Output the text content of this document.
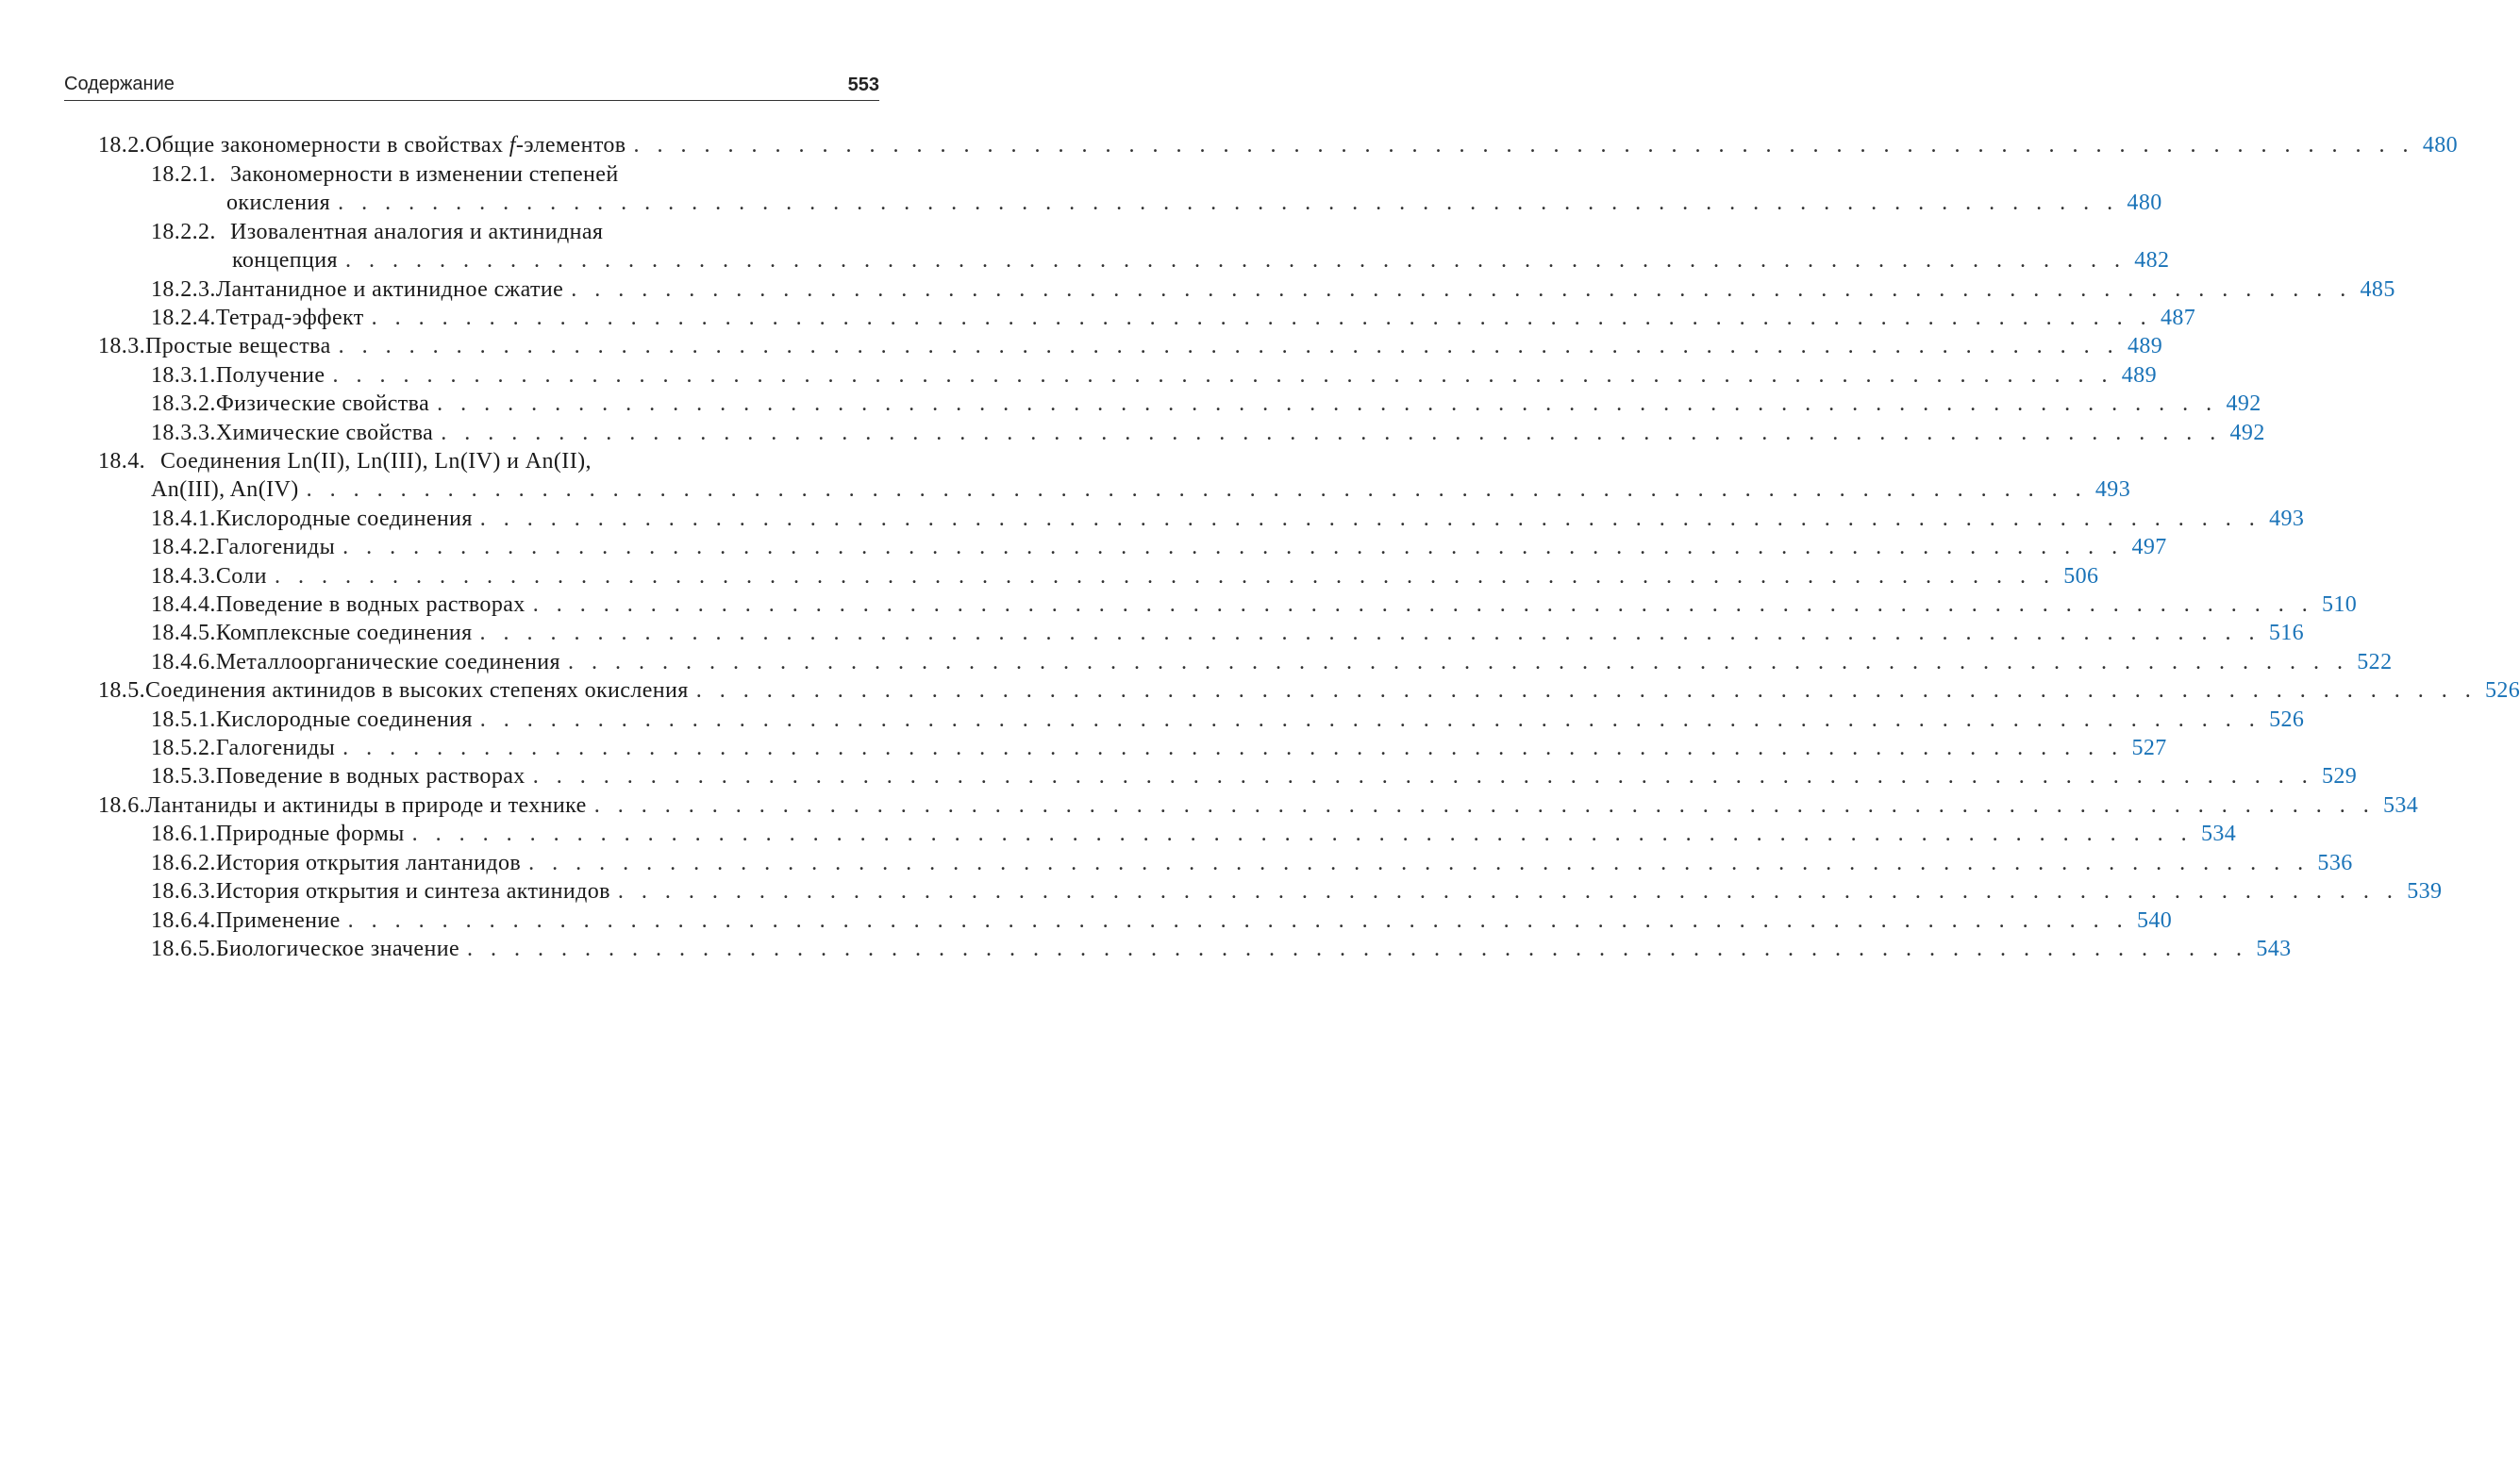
Содержание	553
18.2. Общие закономерности в свойствах f-элементов . . . . . . . . . . . . . . . . . . . . . . . . . . . . . . . . . . . . . . . . . . . . . . . . . . . . . . . . . . . . . . . . . . . . . . . . . . . . 480
18.2.1. Закономерности в изменении степеней
окисления . . . . . . . . . . . . . . . . . . . . . . . . . . . . . . . . . . . . . . . . . . . . . . . . . . . . . . . . . . . . . . . . . . . . . . . . . . . . 480
18.2.2. Изовалентная аналогия и актинидная
концепция . . . . . . . . . . . . . . . . . . . . . . . . . . . . . . . . . . . . . . . . . . . . . . . . . . . . . . . . . . . . . . . . . . . . . . . . . . . . 482
18.2.3. Лантанидное и актинидное сжатие . . . . . . . . . . . . . . . . . . . . . . . . . . . . . . . . . . . . . . . . . . . . . . . . . . . . . . . . . . . . . . . . . . . . . . . . . . . . 485
18.2.4. Тетрад-эффект . . . . . . . . . . . . . . . . . . . . . . . . . . . . . . . . . . . . . . . . . . . . . . . . . . . . . . . . . . . . . . . . . . . . . . . . . . . . 487
18.3. Простые вещества . . . . . . . . . . . . . . . . . . . . . . . . . . . . . . . . . . . . . . . . . . . . . . . . . . . . . . . . . . . . . . . . . . . . . . . . . . . . 489
18.3.1. Получение . . . . . . . . . . . . . . . . . . . . . . . . . . . . . . . . . . . . . . . . . . . . . . . . . . . . . . . . . . . . . . . . . . . . . . . . . . . . 489
18.3.2. Физические свойства . . . . . . . . . . . . . . . . . . . . . . . . . . . . . . . . . . . . . . . . . . . . . . . . . . . . . . . . . . . . . . . . . . . . . . . . . . . . 492
18.3.3. Химические свойства . . . . . . . . . . . . . . . . . . . . . . . . . . . . . . . . . . . . . . . . . . . . . . . . . . . . . . . . . . . . . . . . . . . . . . . . . . . . 492
18.4. Соединения Ln(II), Ln(III), Ln(IV) и An(II),
An(III), An(IV) . . . . . . . . . . . . . . . . . . . . . . . . . . . . . . . . . . . . . . . . . . . . . . . . . . . . . . . . . . . . . . . . . . . . . . . . . . . . 493
18.4.1. Кислородные соединения . . . . . . . . . . . . . . . . . . . . . . . . . . . . . . . . . . . . . . . . . . . . . . . . . . . . . . . . . . . . . . . . . . . . . . . . . . . . 493
18.4.2. Галогениды . . . . . . . . . . . . . . . . . . . . . . . . . . . . . . . . . . . . . . . . . . . . . . . . . . . . . . . . . . . . . . . . . . . . . . . . . . . . 497
18.4.3. Соли . . . . . . . . . . . . . . . . . . . . . . . . . . . . . . . . . . . . . . . . . . . . . . . . . . . . . . . . . . . . . . . . . . . . . . . . . . . . 506
18.4.4. Поведение в водных растворах . . . . . . . . . . . . . . . . . . . . . . . . . . . . . . . . . . . . . . . . . . . . . . . . . . . . . . . . . . . . . . . . . . . . . . . . . . . . 510
18.4.5. Комплексные соединения . . . . . . . . . . . . . . . . . . . . . . . . . . . . . . . . . . . . . . . . . . . . . . . . . . . . . . . . . . . . . . . . . . . . . . . . . . . . 516
18.4.6. Металлоорганические соединения . . . . . . . . . . . . . . . . . . . . . . . . . . . . . . . . . . . . . . . . . . . . . . . . . . . . . . . . . . . . . . . . . . . . . . . . . . . . 522
18.5. Соединения актинидов в высоких степенях окисления . . . . . . . . . . . . . . . . . . . . . . . . . . . . . . . . . . . . . . . . . . . . . . . . . . . . . . . . . . . . . . . . . . . . . . . . . . . . 526
18.5.1. Кислородные соединения . . . . . . . . . . . . . . . . . . . . . . . . . . . . . . . . . . . . . . . . . . . . . . . . . . . . . . . . . . . . . . . . . . . . . . . . . . . . 526
18.5.2. Галогениды . . . . . . . . . . . . . . . . . . . . . . . . . . . . . . . . . . . . . . . . . . . . . . . . . . . . . . . . . . . . . . . . . . . . . . . . . . . . 527
18.5.3. Поведение в водных растворах . . . . . . . . . . . . . . . . . . . . . . . . . . . . . . . . . . . . . . . . . . . . . . . . . . . . . . . . . . . . . . . . . . . . . . . . . . . . 529
18.6. Лантаниды и актиниды в природе и технике . . . . . . . . . . . . . . . . . . . . . . . . . . . . . . . . . . . . . . . . . . . . . . . . . . . . . . . . . . . . . . . . . . . . . . . . . . . . 534
18.6.1. Природные формы . . . . . . . . . . . . . . . . . . . . . . . . . . . . . . . . . . . . . . . . . . . . . . . . . . . . . . . . . . . . . . . . . . . . . . . . . . . . 534
18.6.2. История открытия лантанидов . . . . . . . . . . . . . . . . . . . . . . . . . . . . . . . . . . . . . . . . . . . . . . . . . . . . . . . . . . . . . . . . . . . . . . . . . . . . 536
18.6.3. История открытия и синтеза актинидов . . . . . . . . . . . . . . . . . . . . . . . . . . . . . . . . . . . . . . . . . . . . . . . . . . . . . . . . . . . . . . . . . . . . . . . . . . . . 539
18.6.4. Применение . . . . . . . . . . . . . . . . . . . . . . . . . . . . . . . . . . . . . . . . . . . . . . . . . . . . . . . . . . . . . . . . . . . . . . . . . . . . 540
18.6.5. Биологическое значение . . . . . . . . . . . . . . . . . . . . . . . . . . . . . . . . . . . . . . . . . . . . . . . . . . . . . . . . . . . . . . . . . . . . . . . . . . . . 543
